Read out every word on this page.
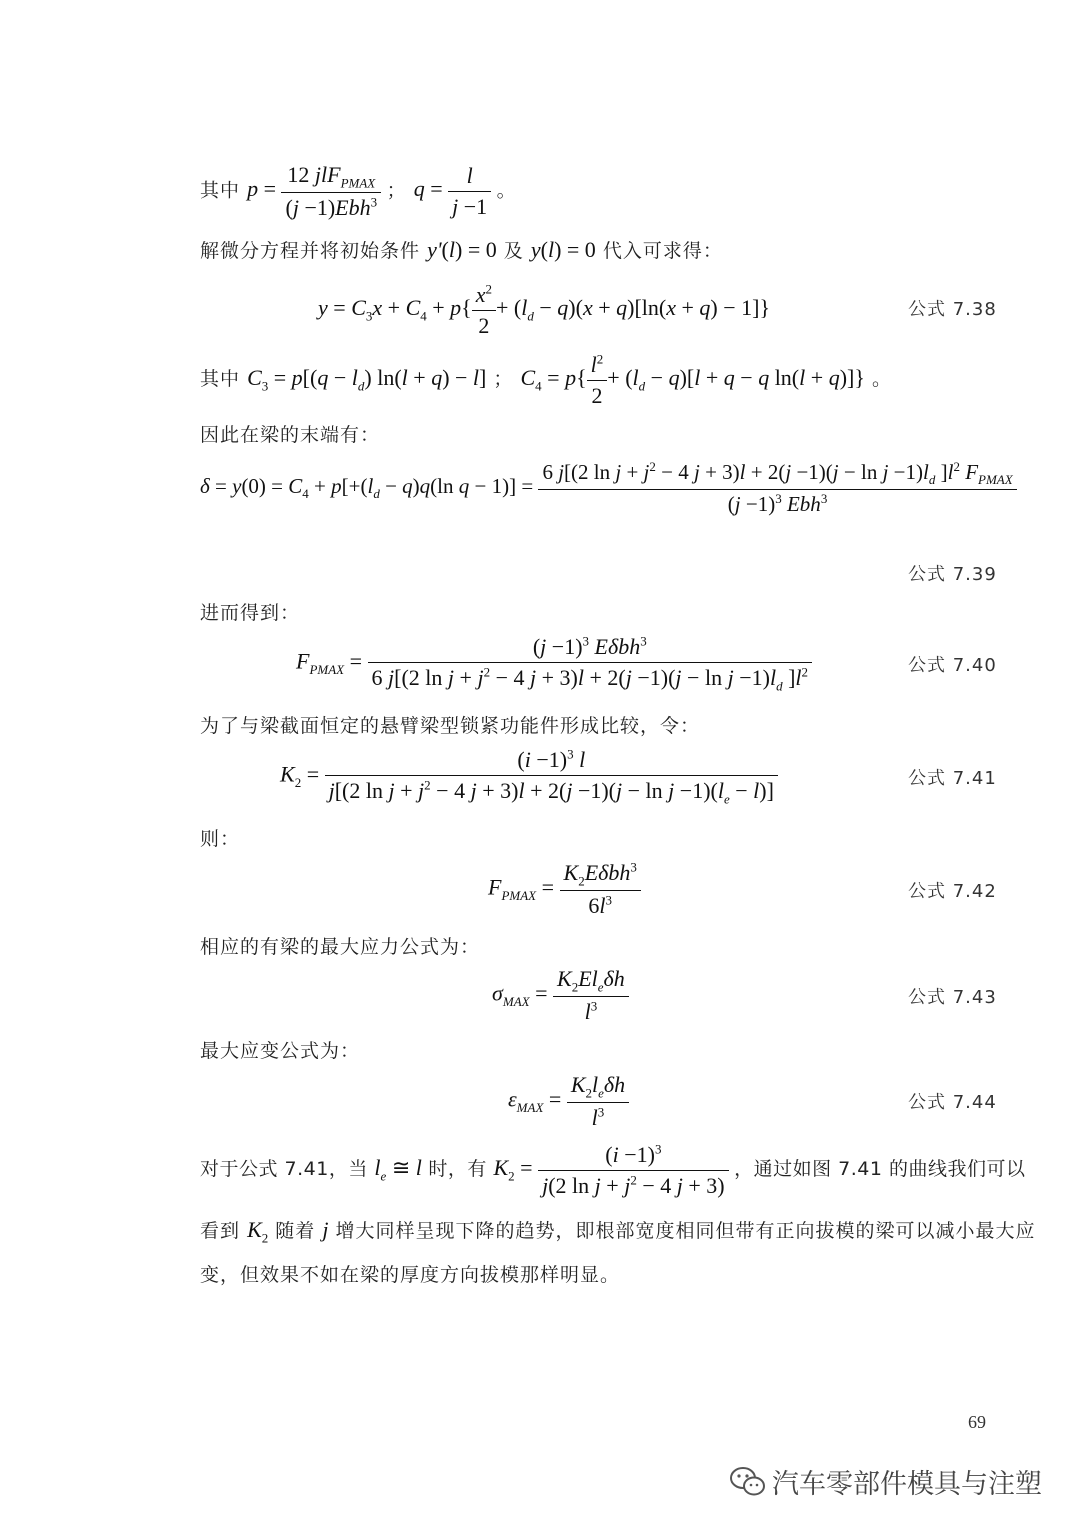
其中 $p = \frac{12 jlF_{PMAX}}{(j -1)Ebh^3}$ ； $q = \frac{l}{j -1}$ 。
解微分方程并将初始条件 y'(l) = 0 及 y(l) = 0 代入可求得：
$y = C_3x + C_4 + p\{ \frac{x^2}{2} + (l_d - q)(x + q)[\ln(x + q) - 1]\}$	公式 7.38
其中 $C_3 = p[(q - l_d) \ln(l + q) - l]$ ； $C_4 = p\{ \frac{l^2}{2} + (l_d - q)[l + q - q$ ln(l + q)]} 。
因此在梁的末端有：
$\delta = y(0) = C_4 + p[+(l_d - q)q(\ln$ q − 1)] =
6 j[(2 $\ln j + j^2 - 4$ $j + 3)l + 2(j -1)(j - \ln j -1)l_d$ ]$l^2$ $F_{PMAX}$
$(j -1)^3$ Ebh$^3$
公式 7.39
进而得到：
$F_{PMAX} = \frac{(j -1)^3 E\delta bh^3}{6 j[(2 \ln j + j^2 - 4 j + 3)l + 2(j -1)(j - \ln j -1)l_d ]l^2}$	公式 7.40
为了与梁截面恒定的悬臂梁型锁紧功能件形成比较，令：
$K_2 = \frac{(i -1)^3 l}{j[(2 \ln j + j^2 - 4 j + 3)l + 2(j -1)(j - \ln j -1)(l_e - l)]}$	公式 7.41
则：
$F_{PMAX} = \frac{K_2E\delta bh^3}{6l^3}$	公式 7.42
相应的有梁的最大应力公式为：
$\sigma_{MAX} = \frac{K_2El_e\delta h}{l^3}$	公式 7.43
最大应变公式为：
$\varepsilon_{MAX} = \frac{K_2l_e\delta h}{l^3}$	公式 7.44
对于公式 7.41，当 $l_e$ ≅ l 时，有 $K_2 = \frac{(i -1)^3}{j(2 \ln j + j^2 - 4 j + 3)}$ ，通过如图 7.41 的曲线我们可以
看到 $K_2$ 随着 j 增大同样呈现下降的趋势，即根部宽度相同但带有正向拔模的梁可以减小最大应
变，但效果不如在梁的厚度方向拔模那样明显。
69
汽车零部件模具与注塑
